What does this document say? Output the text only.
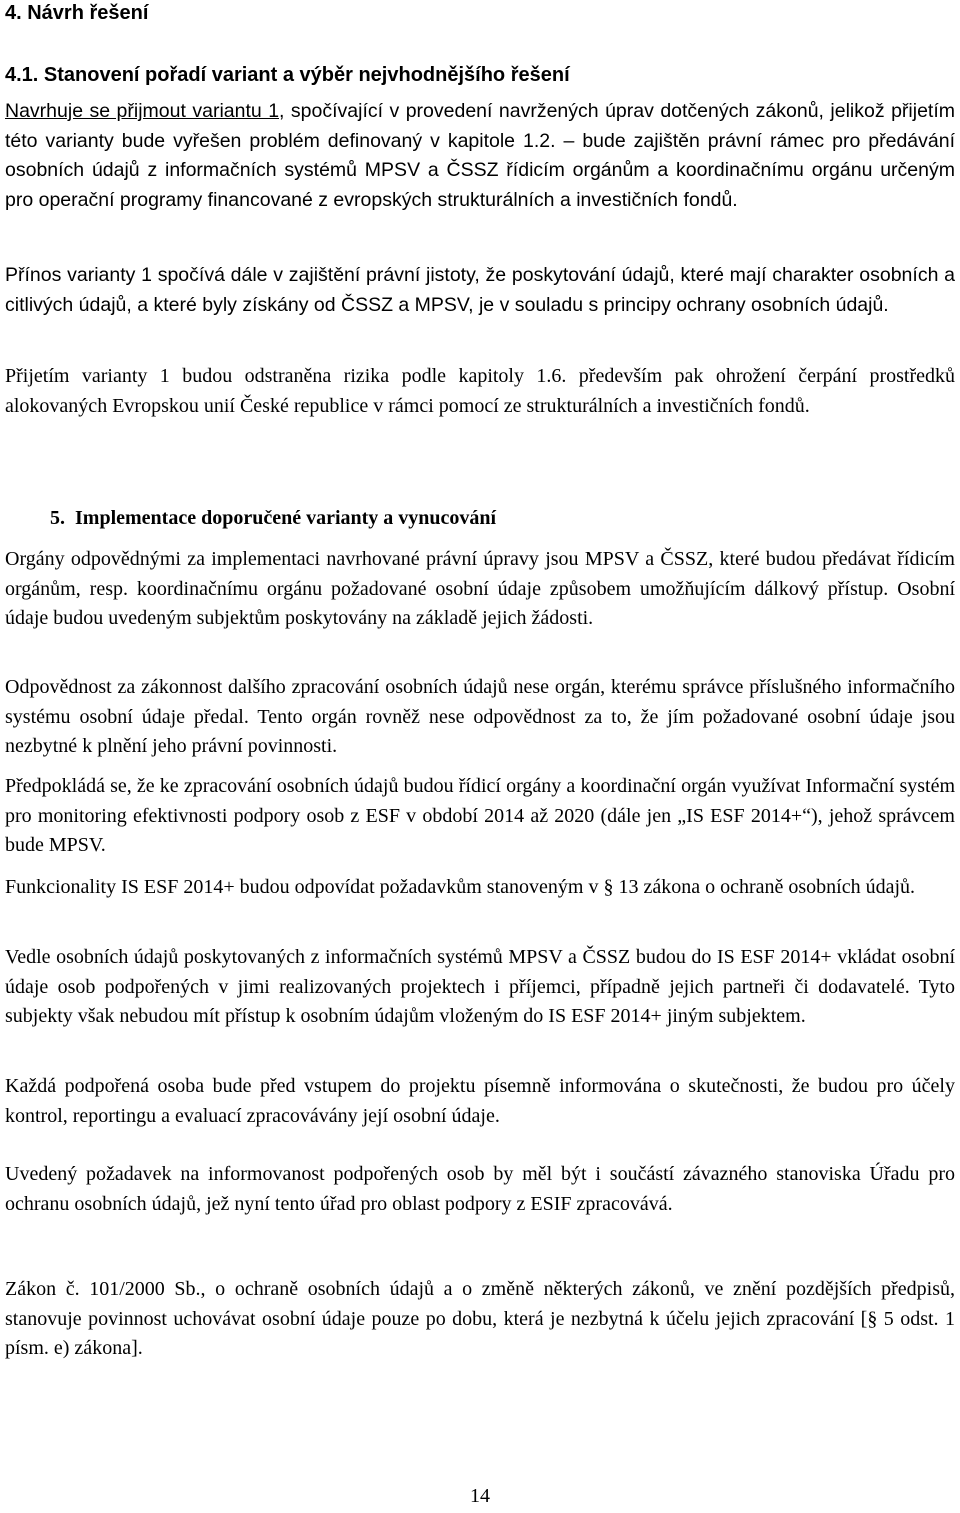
4. Návrh řešení
4.1. Stanovení pořadí variant a výběr nejvhodnějšího řešení

Navrhuje se přijmout variantu 1, spočívající v provedení navržených úprav dotčených zákonů, jelikož přijetím této varianty bude vyřešen problém definovaný v kapitole 1.2. – bude zajištěn právní rámec pro předávání osobních údajů z informačních systémů MPSV a ČSSZ řídicím orgánům a koordinačnímu orgánu určeným pro operační programy financované z evropských strukturálních a investičních fondů.

Přínos varianty 1 spočívá dále v zajištění právní jistoty, že poskytování údajů, které mají charakter osobních a citlivých údajů, a které byly získány od ČSSZ a MPSV, je v souladu s principy ochrany osobních údajů.

Přijetím varianty 1 budou odstraněna rizika podle kapitoly 1.6. především pak ohrožení čerpání prostředků alokovaných Evropskou unií České republice v rámci pomocí ze strukturálních a investičních fondů.

5. Implementace doporučené varianty a vynucování

Orgány odpovědnými za implementaci navrhované právní úpravy jsou MPSV a ČSSZ, které budou předávat řídicím orgánům, resp. koordinačnímu orgánu požadované osobní údaje způsobem umožňujícím dálkový přístup. Osobní údaje budou uvedeným subjektům poskytovány na základě jejich žádosti.

Odpovědnost za zákonnost dalšího zpracování osobních údajů nese orgán, kterému správce příslušného informačního systému osobní údaje předal. Tento orgán rovněž nese odpovědnost za to, že jím požadované osobní údaje jsou nezbytné k plnění jeho právní povinnosti.

Předpokládá se, že ke zpracování osobních údajů budou řídicí orgány a koordinační orgán využívat Informační systém pro monitoring efektivnosti podpory osob z ESF v období 2014 až 2020 (dále jen „IS ESF 2014+“), jehož správcem bude MPSV.

Funkcionality IS ESF 2014+ budou odpovídat požadavkům stanoveným v § 13 zákona o ochraně osobních údajů.

Vedle osobních údajů poskytovaných z informačních systémů MPSV a ČSSZ budou do IS ESF 2014+ vkládat osobní údaje osob podpořených v jimi realizovaných projektech i příjemci, případně jejich partneři či dodavatelé. Tyto subjekty však nebudou mít přístup k osobním údajům vloženým do IS ESF 2014+ jiným subjektem.

Každá podpořená osoba bude před vstupem do projektu písemně informována o skutečnosti, že budou pro účely kontrol, reportingu a evaluací zpracovávány její osobní údaje.

Uvedený požadavek na informovanost podpořených osob by měl být i součástí závazného stanoviska Úřadu pro ochranu osobních údajů, jež nyní tento úřad pro oblast podpory z ESIF zpracovává.

Zákon č. 101/2000 Sb., o ochraně osobních údajů a o změně některých zákonů, ve znění pozdějších předpisů, stanovuje povinnost uchovávat osobní údaje pouze po dobu, která je nezbytná k účelu jejich zpracování [§ 5 odst. 1 písm. e) zákona].

14
